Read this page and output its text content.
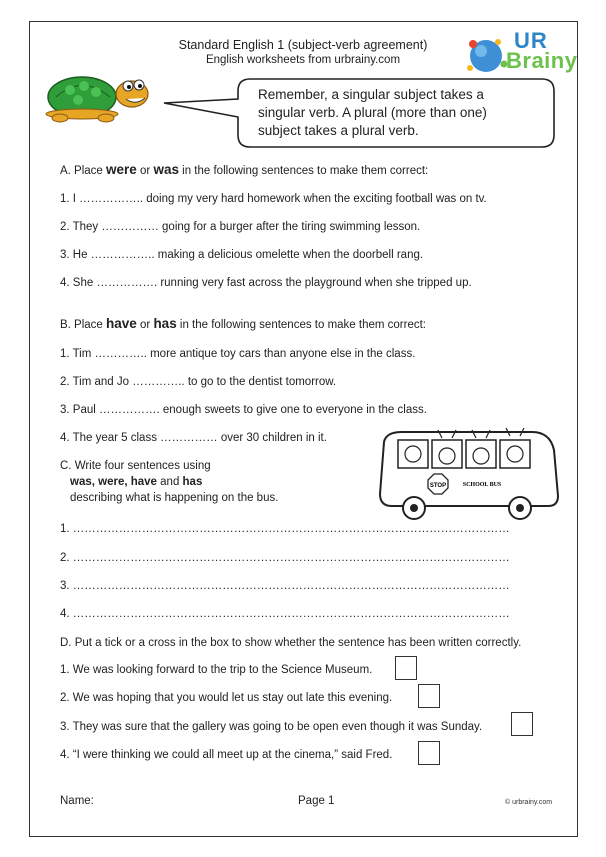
Standard English 1 (subject-verb agreement)
English worksheets from urbrainy.com
UR
Brainy
Remember, a singular subject takes a
singular verb. A plural (more than one)
subject takes a plural verb.
A. Place were or was in the following sentences to make them correct:
1. I …………….. doing my very hard homework when the exciting football was on tv.
2. They …………… going for a burger after the tiring swimming lesson.
3. He …………….. making a delicious omelette when the doorbell rang.
4. She ……………. running very fast across the playground when she tripped up.
B. Place have or has in the following sentences to make them correct:
1. Tim ………….. more antique toy cars than anyone else in the class.
2. Tim and Jo ………….. to go to the dentist tomorrow.
3. Paul ……………. enough sweets to give one to everyone in the class.
4. The year 5 class …………… over 30 children in it.
C. Write four sentences using
was, were, have and has
describing what is happening on the bus.
STOP	SCHOOL BUS
1. ……………………………………………………………………………………………………
2. ……………………………………………………………………………………………………
3. ……………………………………………………………………………………………………
4. ……………………………………………………………………………………………………
D. Put a tick or a cross in the box to show whether the sentence has been written correctly.
1. We was looking forward to the trip to the Science Museum.
2. We was hoping that you would let us stay out late this evening.
3. They was sure that the gallery was going to be open even though it was Sunday.
4. “I were thinking we could all meet up at the cinema,” said Fred.
Name:	Page 1	© urbrainy.com
